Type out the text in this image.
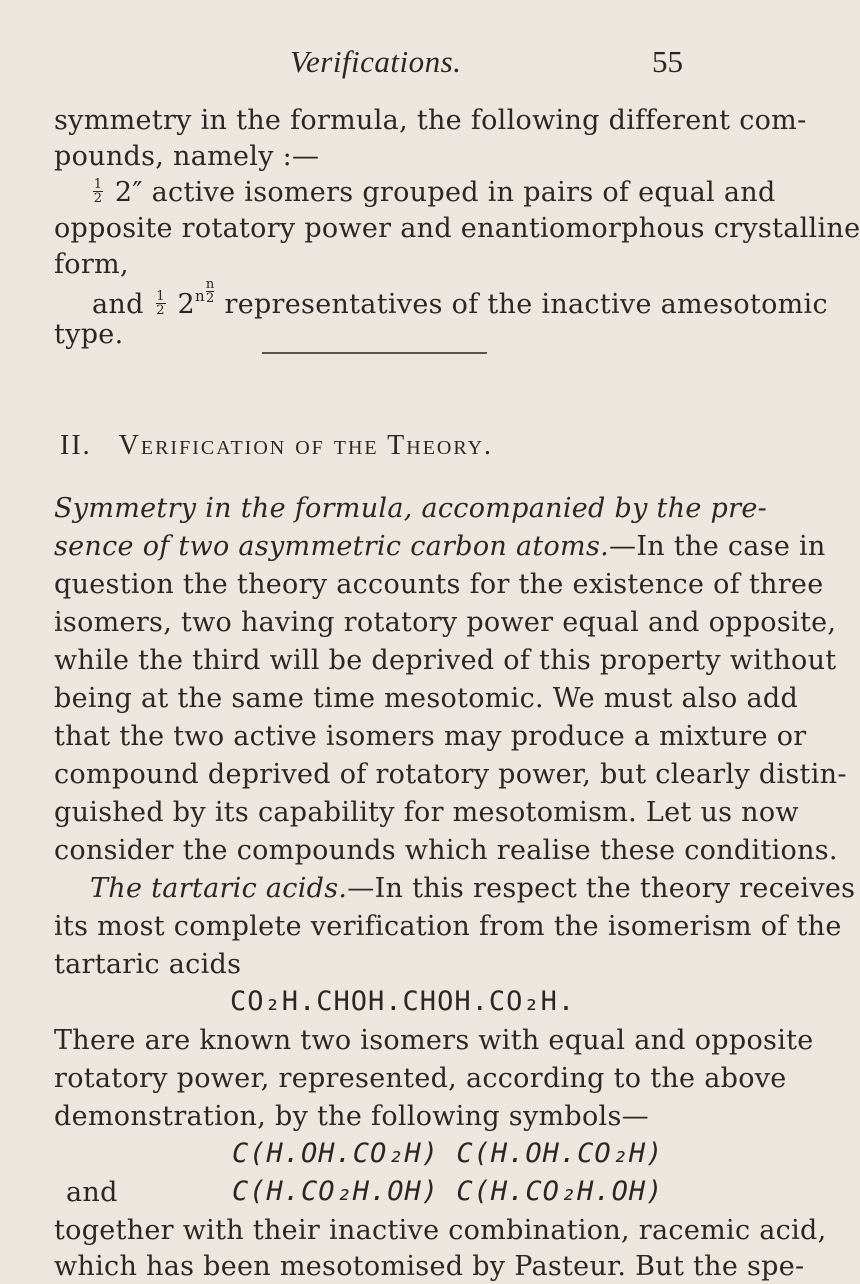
Verifications.	55
symmetry in the formula, the following different com-
pounds, namely :—
$\frac{1}{2} 2''$ active isomers grouped in pairs of equal and
opposite rotatory power and enantiomorphous crystalline
form,
and $\frac{1}{2} 2^n \frac{n}{2}$ representatives of the inactive amesotomic
type.
II. Verification of the Theory.
Symmetry in the formula, accompanied by the pre-
sence of two asymmetric carbon atoms.—In the case in
question the theory accounts for the existence of three
isomers, two having rotatory power equal and opposite,
while the third will be deprived of this property without
being at the same time mesotomic. We must also add
that the two active isomers may produce a mixture or
compound deprived of rotatory power, but clearly distin-
guished by its capability for mesotomism. Let us now
consider the compounds which realise these conditions.
The tartaric acids.—In this respect the theory receives
its most complete verification from the isomerism of the
tartaric acids
CO₂H.CHOH.CHOH.CO₂H.
There are known two isomers with equal and opposite
rotatory power, represented, according to the above
demonstration, by the following symbols—
C(H.OH.CO₂H) C(H.OH.CO₂H)
and	C(H.CO₂H.OH) C(H.CO₂H.OH)
together with their inactive combination, racemic acid,
which has been mesotomised by Pasteur. But the spe-
